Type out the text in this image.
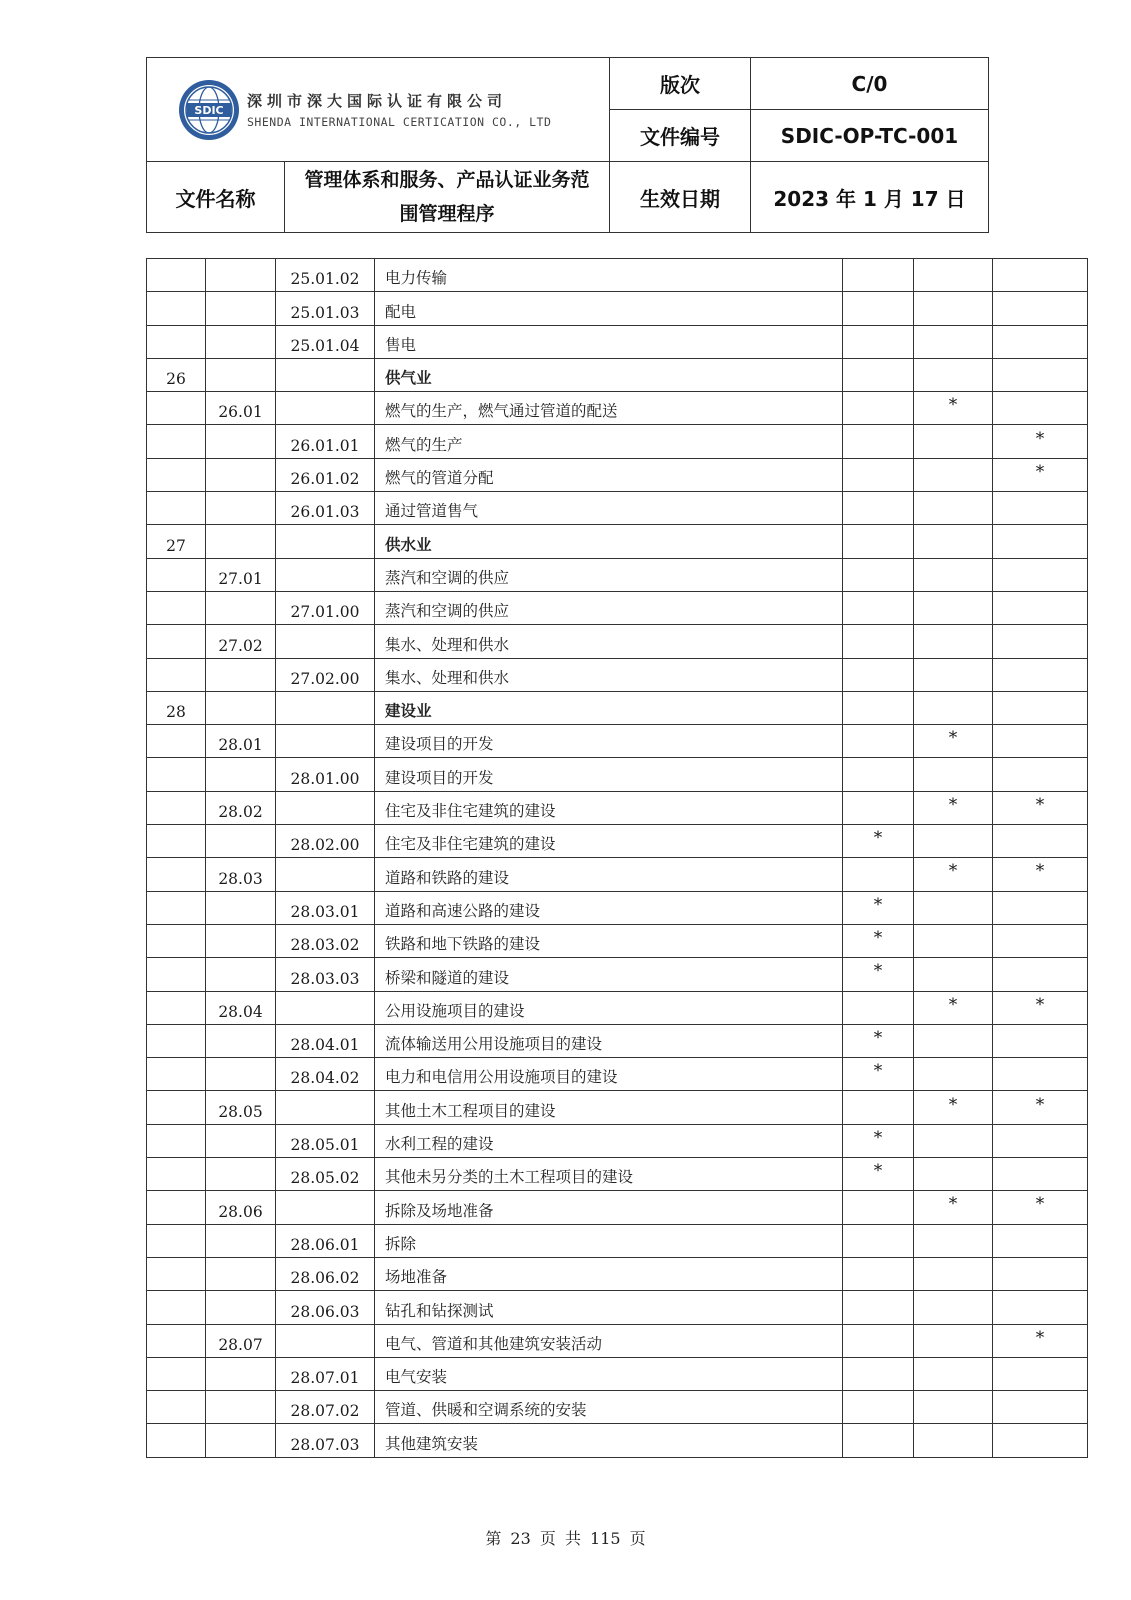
SDIC 深圳市深大国际认证有限公司
SHENDA INTERNATIONAL CERTICATION CO., LTD		版次	C/0
		文件编号	SDIC-OP-TC-001
文件名称	管理体系和服务、产品认证业务范
围管理程序	生效日期	2023 年 1 月 17 日
		25.01.02	电力传输			
		25.01.03	配电			
		25.01.04	售电			
26			供气业			
	26.01		燃气的生产，燃气通过管道的配送		*	
		26.01.01	燃气的生产			*
		26.01.02	燃气的管道分配			*
		26.01.03	通过管道售气			
27			供水业			
	27.01		蒸汽和空调的供应			
		27.01.00	蒸汽和空调的供应			
	27.02		集水、处理和供水			
		27.02.00	集水、处理和供水			
28			建设业			
	28.01		建设项目的开发		*	
		28.01.00	建设项目的开发			
	28.02		住宅及非住宅建筑的建设		*	*
		28.02.00	住宅及非住宅建筑的建设	*		
	28.03		道路和铁路的建设		*	*
		28.03.01	道路和高速公路的建设	*		
		28.03.02	铁路和地下铁路的建设	*		
		28.03.03	桥梁和隧道的建设	*		
	28.04		公用设施项目的建设		*	*
		28.04.01	流体输送用公用设施项目的建设	*		
		28.04.02	电力和电信用公用设施项目的建设	*		
	28.05		其他土木工程项目的建设		*	*
		28.05.01	水利工程的建设	*		
		28.05.02	其他未另分类的土木工程项目的建设	*		
	28.06		拆除及场地准备		*	*
		28.06.01	拆除			
		28.06.02	场地准备			
		28.06.03	钻孔和钻探测试			
	28.07		电气、管道和其他建筑安装活动			*
		28.07.01	电气安装			
		28.07.02	管道、供暖和空调系统的安装			
		28.07.03	其他建筑安装			
第 23 页 共 115 页
